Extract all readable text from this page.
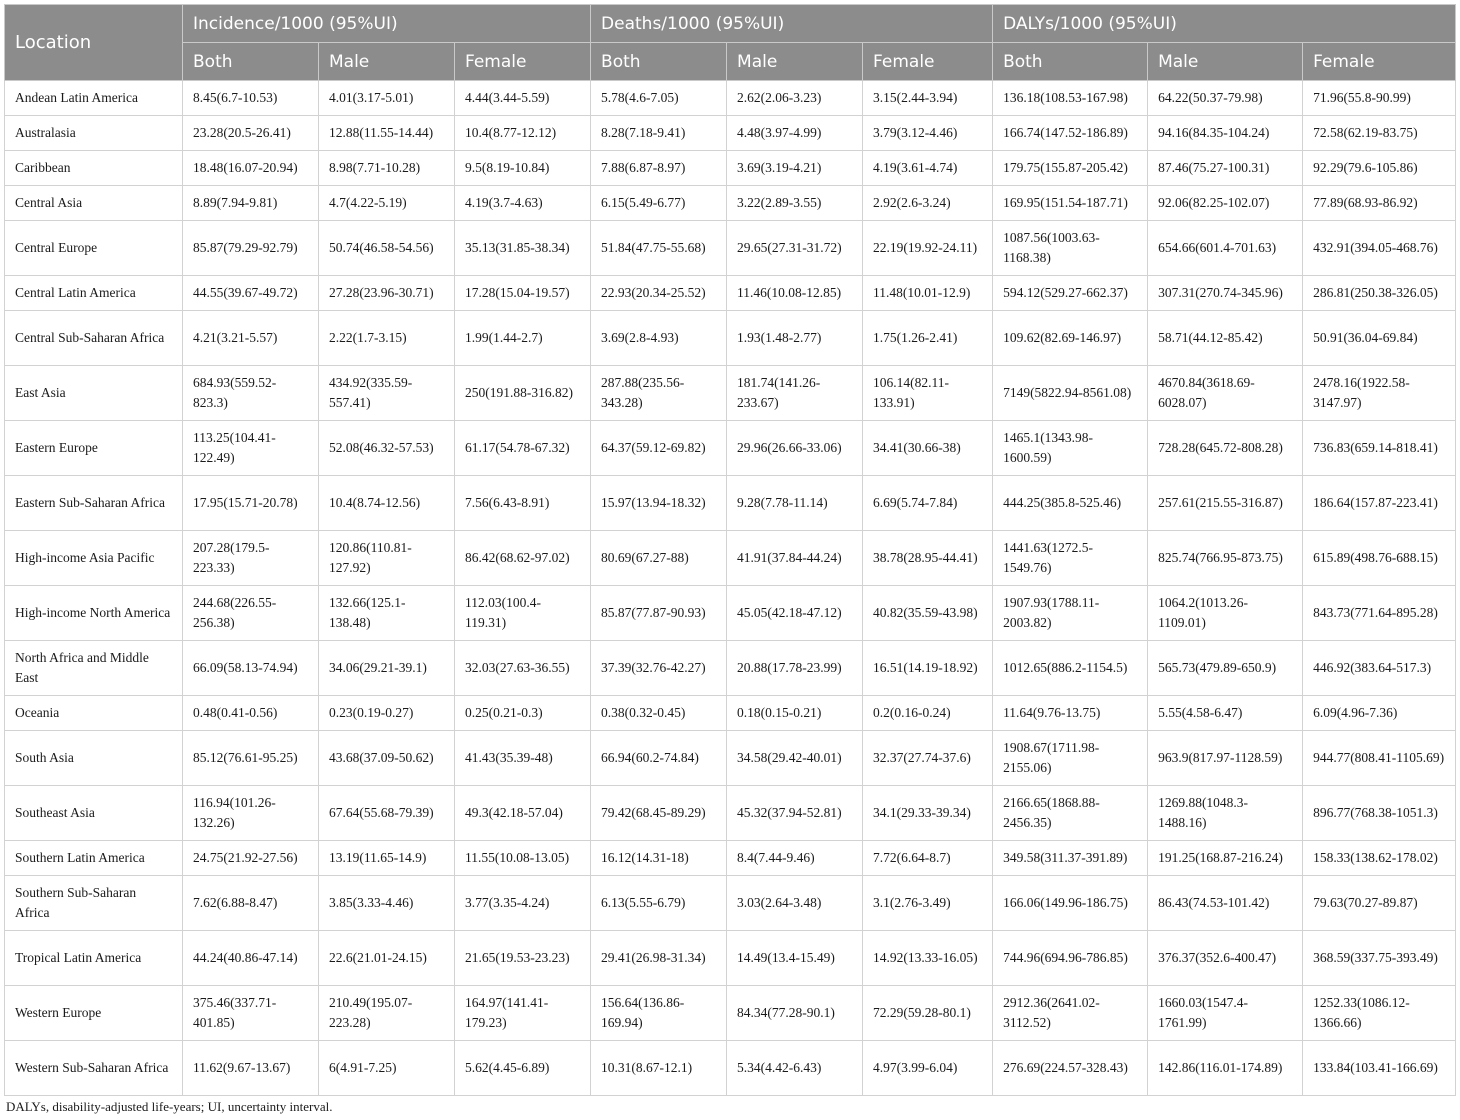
Location	Incidence/1000 (95%UI)			Deaths/1000 (95%UI)			DALYs/1000 (95%UI)		
	Both	Male	Female	Both	Male	Female	Both	Male	Female
Andean Latin America	8.45(6.7-10.53)	4.01(3.17-5.01)	4.44(3.44-5.59)	5.78(4.6-7.05)	2.62(2.06-3.23)	3.15(2.44-3.94)	136.18(108.53-167.98)	64.22(50.37-79.98)	71.96(55.8-90.99)
Australasia	23.28(20.5-26.41)	12.88(11.55-14.44)	10.4(8.77-12.12)	8.28(7.18-9.41)	4.48(3.97-4.99)	3.79(3.12-4.46)	166.74(147.52-186.89)	94.16(84.35-104.24)	72.58(62.19-83.75)
Caribbean	18.48(16.07-20.94)	8.98(7.71-10.28)	9.5(8.19-10.84)	7.88(6.87-8.97)	3.69(3.19-4.21)	4.19(3.61-4.74)	179.75(155.87-205.42)	87.46(75.27-100.31)	92.29(79.6-105.86)
Central Asia	8.89(7.94-9.81)	4.7(4.22-5.19)	4.19(3.7-4.63)	6.15(5.49-6.77)	3.22(2.89-3.55)	2.92(2.6-3.24)	169.95(151.54-187.71)	92.06(82.25-102.07)	77.89(68.93-86.92)
Central Europe	85.87(79.29-92.79)	50.74(46.58-54.56)	35.13(31.85-38.34)	51.84(47.75-55.68)	29.65(27.31-31.72)	22.19(19.92-24.11)	1087.56(1003.63-1168.38)	654.66(601.4-701.63)	432.91(394.05-468.76)
Central Latin America	44.55(39.67-49.72)	27.28(23.96-30.71)	17.28(15.04-19.57)	22.93(20.34-25.52)	11.46(10.08-12.85)	11.48(10.01-12.9)	594.12(529.27-662.37)	307.31(270.74-345.96)	286.81(250.38-326.05)
Central Sub-Saharan Africa	4.21(3.21-5.57)	2.22(1.7-3.15)	1.99(1.44-2.7)	3.69(2.8-4.93)	1.93(1.48-2.77)	1.75(1.26-2.41)	109.62(82.69-146.97)	58.71(44.12-85.42)	50.91(36.04-69.84)
East Asia	684.93(559.52-823.3)	434.92(335.59-557.41)	250(191.88-316.82)	287.88(235.56-343.28)	181.74(141.26-233.67)	106.14(82.11-133.91)	7149(5822.94-8561.08)	4670.84(3618.69-6028.07)	2478.16(1922.58-3147.97)
Eastern Europe	113.25(104.41-122.49)	52.08(46.32-57.53)	61.17(54.78-67.32)	64.37(59.12-69.82)	29.96(26.66-33.06)	34.41(30.66-38)	1465.1(1343.98-1600.59)	728.28(645.72-808.28)	736.83(659.14-818.41)
Eastern Sub-Saharan Africa	17.95(15.71-20.78)	10.4(8.74-12.56)	7.56(6.43-8.91)	15.97(13.94-18.32)	9.28(7.78-11.14)	6.69(5.74-7.84)	444.25(385.8-525.46)	257.61(215.55-316.87)	186.64(157.87-223.41)
High-income Asia Pacific	207.28(179.5-223.33)	120.86(110.81-127.92)	86.42(68.62-97.02)	80.69(67.27-88)	41.91(37.84-44.24)	38.78(28.95-44.41)	1441.63(1272.5-1549.76)	825.74(766.95-873.75)	615.89(498.76-688.15)
High-income North America	244.68(226.55-256.38)	132.66(125.1-138.48)	112.03(100.4-119.31)	85.87(77.87-90.93)	45.05(42.18-47.12)	40.82(35.59-43.98)	1907.93(1788.11-2003.82)	1064.2(1013.26-1109.01)	843.73(771.64-895.28)
North Africa and Middle East	66.09(58.13-74.94)	34.06(29.21-39.1)	32.03(27.63-36.55)	37.39(32.76-42.27)	20.88(17.78-23.99)	16.51(14.19-18.92)	1012.65(886.2-1154.5)	565.73(479.89-650.9)	446.92(383.64-517.3)
Oceania	0.48(0.41-0.56)	0.23(0.19-0.27)	0.25(0.21-0.3)	0.38(0.32-0.45)	0.18(0.15-0.21)	0.2(0.16-0.24)	11.64(9.76-13.75)	5.55(4.58-6.47)	6.09(4.96-7.36)
South Asia	85.12(76.61-95.25)	43.68(37.09-50.62)	41.43(35.39-48)	66.94(60.2-74.84)	34.58(29.42-40.01)	32.37(27.74-37.6)	1908.67(1711.98-2155.06)	963.9(817.97-1128.59)	944.77(808.41-1105.69)
Southeast Asia	116.94(101.26-132.26)	67.64(55.68-79.39)	49.3(42.18-57.04)	79.42(68.45-89.29)	45.32(37.94-52.81)	34.1(29.33-39.34)	2166.65(1868.88-2456.35)	1269.88(1048.3-1488.16)	896.77(768.38-1051.3)
Southern Latin America	24.75(21.92-27.56)	13.19(11.65-14.9)	11.55(10.08-13.05)	16.12(14.31-18)	8.4(7.44-9.46)	7.72(6.64-8.7)	349.58(311.37-391.89)	191.25(168.87-216.24)	158.33(138.62-178.02)
Southern Sub-Saharan Africa	7.62(6.88-8.47)	3.85(3.33-4.46)	3.77(3.35-4.24)	6.13(5.55-6.79)	3.03(2.64-3.48)	3.1(2.76-3.49)	166.06(149.96-186.75)	86.43(74.53-101.42)	79.63(70.27-89.87)
Tropical Latin America	44.24(40.86-47.14)	22.6(21.01-24.15)	21.65(19.53-23.23)	29.41(26.98-31.34)	14.49(13.4-15.49)	14.92(13.33-16.05)	744.96(694.96-786.85)	376.37(352.6-400.47)	368.59(337.75-393.49)
Western Europe	375.46(337.71-401.85)	210.49(195.07-223.28)	164.97(141.41-179.23)	156.64(136.86-169.94)	84.34(77.28-90.1)	72.29(59.28-80.1)	2912.36(2641.02-3112.52)	1660.03(1547.4-1761.99)	1252.33(1086.12-1366.66)
Western Sub-Saharan Africa	11.62(9.67-13.67)	6(4.91-7.25)	5.62(4.45-6.89)	10.31(8.67-12.1)	5.34(4.42-6.43)	4.97(3.99-6.04)	276.69(224.57-328.43)	142.86(116.01-174.89)	133.84(103.41-166.69)
DALYs, disability-adjusted life-years; UI, uncertainty interval.
